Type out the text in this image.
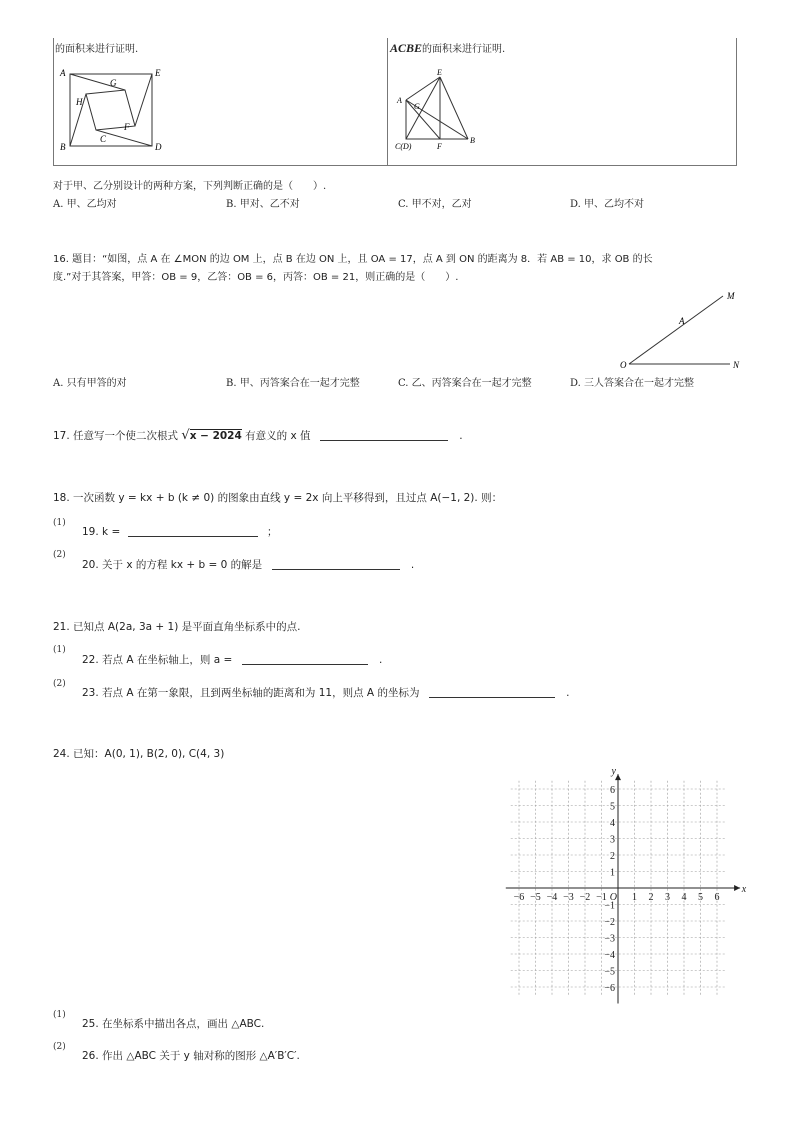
的面积来进行证明.	ACBE的面积来进行证明.
A	E
G
H
F
C
B	D
E
A
G
B
C(D)	F
对于甲、乙分别设计的两种方案，下列判断正确的是（　　）.
A. 甲、乙均对	B. 甲对、乙不对	C. 甲不对，乙对	D. 甲、乙均不对
16. 题目：“如图，点 A 在 ∠MON 的边 OM 上，点 B 在边 ON 上，且 OA = 17，点 A 到 ON 的距离为 8．若 AB = 10，求 OB 的长
度.”对于其答案，甲答：OB = 9，乙答：OB = 6，丙答：OB = 21，则正确的是（　　）.
M
A
O	N
A. 只有甲答的对	B. 甲、丙答案合在一起才完整	C. 乙、丙答案合在一起才完整	D. 三人答案合在一起才完整
17. 任意写一个使二次根式 √x − 2024 有意义的 x 值	.
18. 一次函数 y = kx + b (k ≠ 0) 的图象由直线 y = 2x 向上平移得到，且过点 A(−1, 2). 则：
(1)
19. k =	；
(2)
20. 关于 x 的方程 kx + b = 0 的解是	.
21. 已知点 A(2a, 3a + 1) 是平面直角坐标系中的点.
(1)
22. 若点 A 在坐标轴上，则 a =	.
(2)
23. 若点 A 在第一象限，且到两坐标轴的距离和为 11，则点 A 的坐标为	.
24. 已知：A(0, 1), B(2, 0), C(4, 3)
x
y
O
−6 −5 −4 −3 −2 −1	1 2 3 4 5 6
6
5
4
3
2
1
−1
−2
−3
−4
−5
−6
(1)
25. 在坐标系中描出各点，画出 △ABC.
(2)
26. 作出 △ABC 关于 y 轴对称的图形 △A′B′C′.
